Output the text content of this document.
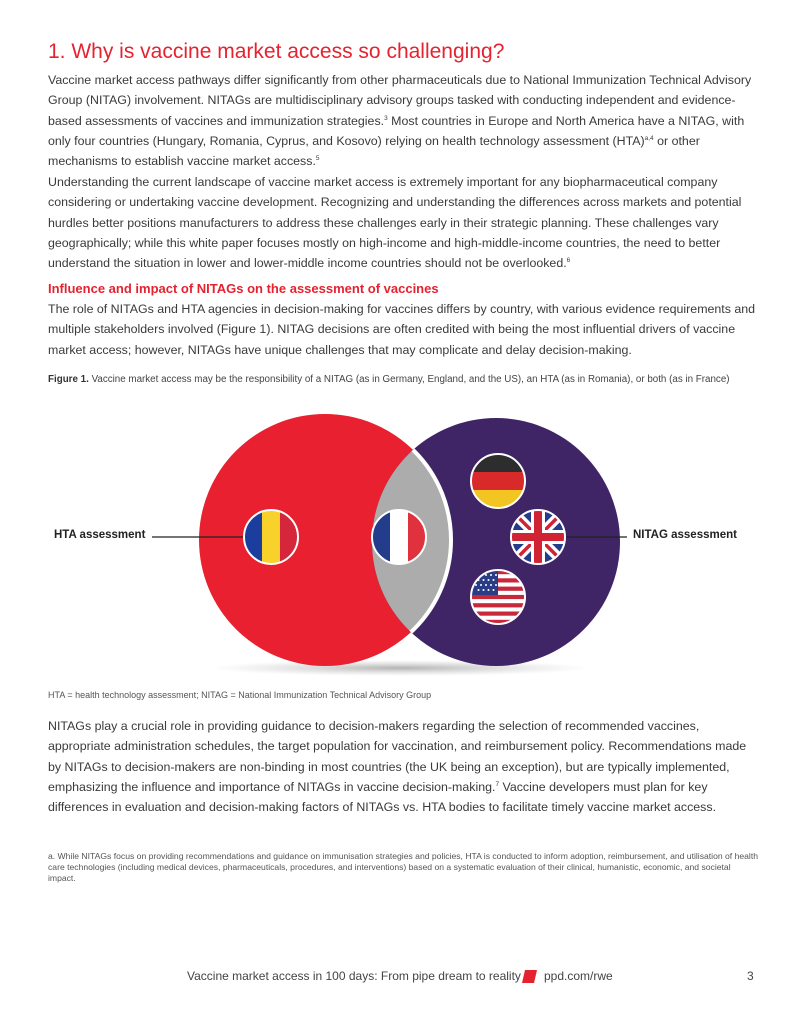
1. Why is vaccine market access so challenging?

Vaccine market access pathways differ significantly from other pharmaceuticals due to National Immunization Technical Advisory Group (NITAG) involvement. NITAGs are multidisciplinary advisory groups tasked with conducting independent and evidence-based assessments of vaccines and immunization strategies.$^3$ Most countries in Europe and North America have a NITAG, with only four countries (Hungary, Romania, Cyprus, and Kosovo) relying on health technology assessment (HTA)$^{a,4}$ or other mechanisms to establish vaccine market access.$^5$

Understanding the current landscape of vaccine market access is extremely important for any biopharmaceutical company considering or undertaking vaccine development. Recognizing and understanding the differences across markets and potential hurdles better positions manufacturers to address these challenges early in their strategic planning. These challenges vary geographically; while this white paper focuses mostly on high-income and high-middle-income countries, the need to better understand the situation in lower and lower-middle income countries should not be overlooked.$^6$

Influence and impact of NITAGs on the assessment of vaccines

The role of NITAGs and HTA agencies in decision-making for vaccines differs by country, with various evidence requirements and multiple stakeholders involved (Figure 1). NITAG decisions are often credited with being the most influential drivers of vaccine market access; however, NITAGs have unique challenges that may complicate and delay decision-making.

Figure 1. Vaccine market access may be the responsibility of a NITAG (as in Germany, England, and the US), an HTA (as in Romania), or both (as in France)

HTA assessment	NITAG assessment

HTA = health technology assessment; NITAG = National Immunization Technical Advisory Group

NITAGs play a crucial role in providing guidance to decision-makers regarding the selection of recommended vaccines, appropriate administration schedules, the target population for vaccination, and reimbursement policy. Recommendations made by NITAGs to decision-makers are non-binding in most countries (the UK being an exception), but are typically implemented, emphasizing the influence and importance of NITAGs in vaccine decision-making.$^7$ Vaccine developers must plan for key differences in evaluation and decision-making factors of NITAGs vs. HTA bodies to facilitate timely vaccine market access.

a. While NITAGs focus on providing recommendations and guidance on immunisation strategies and policies, HTA is conducted to inform adoption, reimbursement, and utilisation of health care technologies (including medical devices, pharmaceuticals, procedures, and interventions) based on a systematic evaluation of their clinical, humanistic, economic, and societal impact.

Vaccine market access in 100 days: From pipe dream to reality ppd.com/rwe	3
